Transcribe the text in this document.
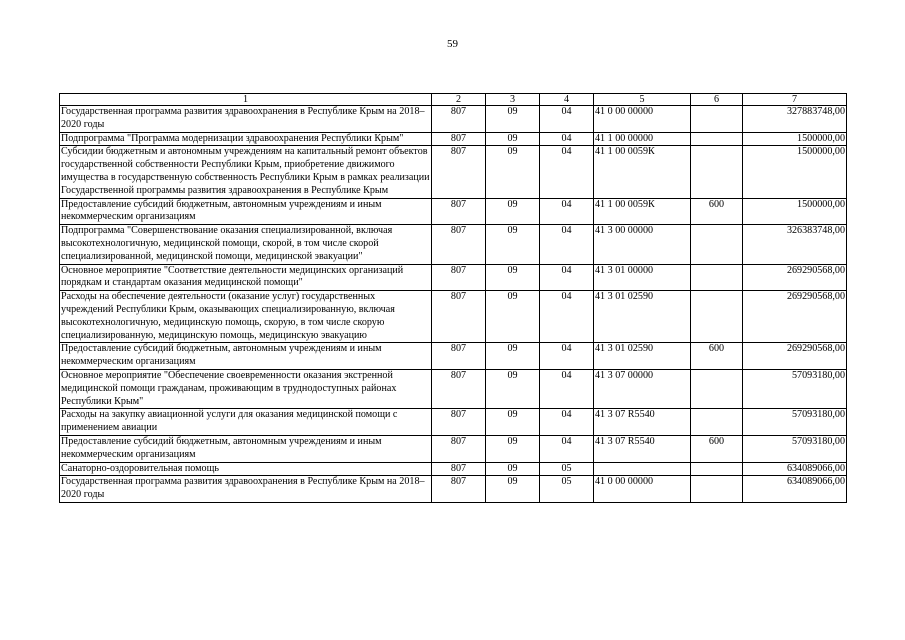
59
1	2	3	4	5	6	7
Государственная программа развития здравоохранения в Республике Крым на 2018–2020 годы	807	09	04	41 0 00 00000		327883748,00
Подпрограмма "Программа модернизации здравоохранения Республики Крым"	807	09	04	41 1 00 00000		1500000,00
Субсидии бюджетным и автономным учреждениям на капитальный ремонт объектов государственной собственности Республики Крым, приобретение движимого имущества в государственную собственность Республики Крым в рамках реализации Государственной программы развития здравоохранения в Республике Крым	807	09	04	41 1 00 0059К		1500000,00
Предоставление субсидий бюджетным, автономным учреждениям и иным некоммерческим организациям	807	09	04	41 1 00 0059К	600	1500000,00
Подпрограмма "Совершенствование оказания специализированной, включая высокотехнологичную, медицинской помощи, скорой, в том числе скорой специализированной, медицинской помощи, медицинской эвакуации"	807	09	04	41 3 00 00000		326383748,00
Основное мероприятие "Соответствие деятельности медицинских организаций порядкам и стандартам оказания медицинской помощи"	807	09	04	41 3 01 00000		269290568,00
Расходы на обеспечение деятельности (оказание услуг) государственных учреждений Республики Крым, оказывающих специализированную, включая высокотехнологичную, медицинскую помощь, скорую, в том числе скорую специализированную, медицинскую помощь, медицинскую эвакуацию	807	09	04	41 3 01 02590		269290568,00
Предоставление субсидий бюджетным, автономным учреждениям и иным некоммерческим организациям	807	09	04	41 3 01 02590	600	269290568,00
Основное мероприятие "Обеспечение своевременности оказания экстренной медицинской помощи гражданам, проживающим в труднодоступных районах Республики Крым"	807	09	04	41 3 07 00000		57093180,00
Расходы на закупку авиационной услуги для оказания медицинской помощи с применением авиации	807	09	04	41 3 07 R5540		57093180,00
Предоставление субсидий бюджетным, автономным учреждениям и иным некоммерческим организациям	807	09	04	41 3 07 R5540	600	57093180,00
Санаторно-оздоровительная помощь	807	09	05			634089066,00
Государственная программа развития здравоохранения в Республике Крым на 2018–2020 годы	807	09	05	41 0 00 00000		634089066,00
